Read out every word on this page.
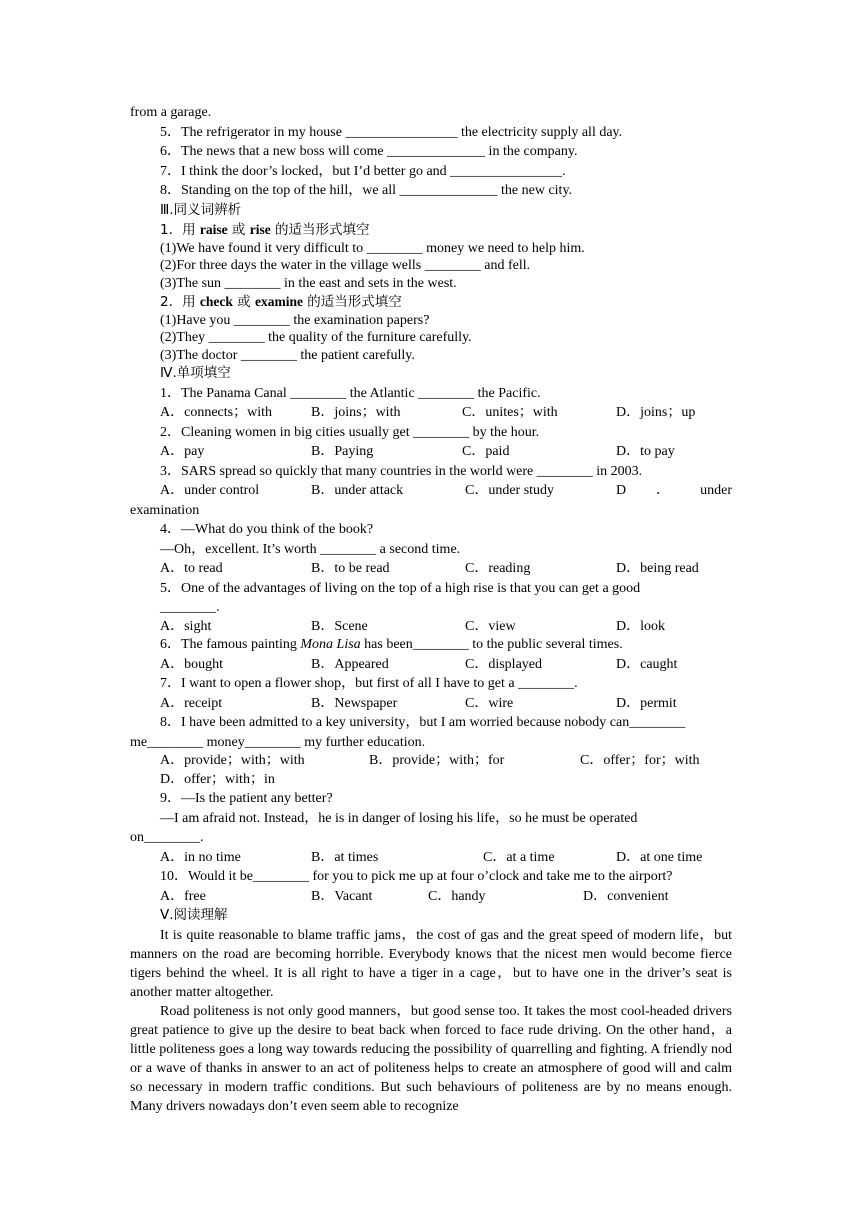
from a garage.
5．The refrigerator in my house ________________ the electricity supply all day.
6．The news that a new boss will come ______________ in the company.
7．I think the door’s locked，but I’d better go and ________________.
8．Standing on the top of the hill，we all ______________ the new city.
Ⅲ.同义词辨析
1．用 raise 或 rise 的适当形式填空
(1)We have found it very difficult to ________ money we need to help him.
(2)For three days the water in the village wells ________ and fell.
(3)The sun ________ in the east and sets in the west.
2．用 check 或 examine 的适当形式填空
(1)Have you ________ the examination papers?
(2)They ________ the quality of the furniture carefully.
(3)The doctor ________ the patient carefully.
Ⅳ.单项填空
1．The Panama Canal ________ the Atlantic ________ the Pacific.
A．connects；with	B．joins；with	C．unites；with	D．joins；up
2．Cleaning women in big cities usually get ________ by the hour.
A．pay	B．Paying	C．paid	D．to pay
3．SARS spread so quickly that many countries in the world were ________ in 2003.
A．under control	B．under attack	C．under study	D	．	under
examination
4．—What do you think of the book?
—Oh，excellent. It’s worth ________ a second time.
A．to read	B．to be read	C．reading	D．being read
5．One of the advantages of living on the top of a high rise is that you can get a good
________.
A．sight	B．Scene	C．view	D．look
6．The famous painting Mona Lisa has been________ to the public several times.
A．bought	B．Appeared	C．displayed	D．caught
7．I want to open a flower shop，but first of all I have to get a ________.
A．receipt	B．Newspaper	C．wire	D．permit
8．I have been admitted to a key university，but I am worried because nobody can________
me________ money________ my further education.
A．provide；with；with	B．provide；with；for	C．offer；for；with
D．offer；with；in
9．—Is the patient any better?
—I am afraid not. Instead，he is in danger of losing his life，so he must be operated
on________.
A．in no time	B．at times	C．at a time	D．at one time
10．Would it be________ for you to pick me up at four o’clock and take me to the airport?
A．free	B．Vacant	C．handy	D．convenient
Ⅴ.阅读理解
It is quite reasonable to blame traffic jams，the cost of gas and the great speed of modern life，but manners on the road are becoming horrible. Everybody knows that the nicest men would become fierce tigers behind the wheel. It is all right to have a tiger in a cage，but to have one in the driver’s seat is another matter altogether.
Road politeness is not only good manners，but good sense too. It takes the most cool-headed drivers great patience to give up the desire to beat back when forced to face rude driving. On the other hand，a little politeness goes a long way towards reducing the possibility of quarrelling and fighting. A friendly nod or a wave of thanks in answer to an act of politeness helps to create an atmosphere of good will and calm so necessary in modern traffic conditions. But such behaviours of politeness are by no means enough. Many drivers nowadays don’t even seem able to recognize
